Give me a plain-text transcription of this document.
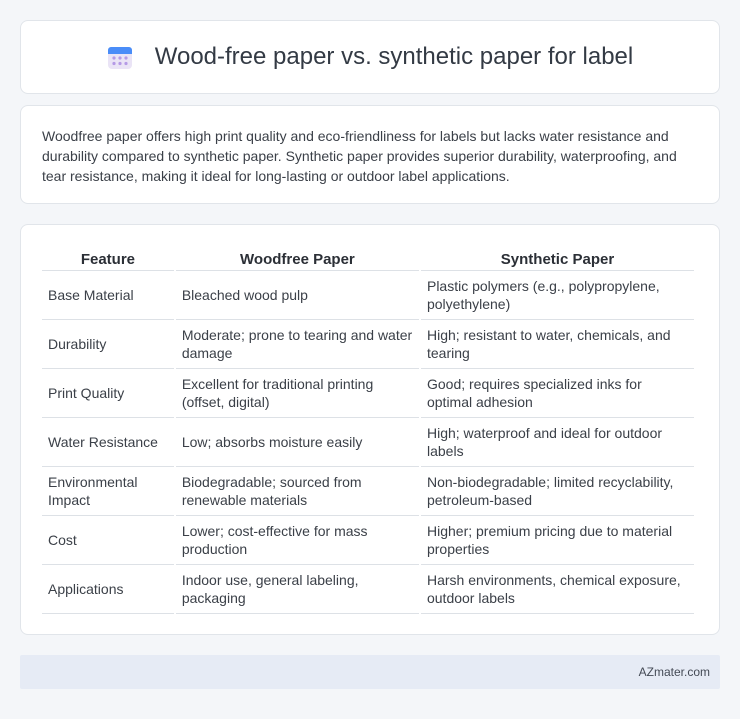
Wood-free paper vs. synthetic paper for label

Woodfree paper offers high print quality and eco-friendliness for labels but lacks water resistance and durability compared to synthetic paper. Synthetic paper provides superior durability, waterproofing, and tear resistance, making it ideal for long-lasting or outdoor label applications.

Feature	Woodfree Paper	Synthetic Paper
Base Material	Bleached wood pulp	Plastic polymers (e.g., polypropylene, polyethylene)
Durability	Moderate; prone to tearing and water damage	High; resistant to water, chemicals, and tearing
Print Quality	Excellent for traditional printing (offset, digital)	Good; requires specialized inks for optimal adhesion
Water Resistance	Low; absorbs moisture easily	High; waterproof and ideal for outdoor labels
Environmental Impact	Biodegradable; sourced from renewable materials	Non-biodegradable; limited recyclability, petroleum-based
Cost	Lower; cost-effective for mass production	Higher; premium pricing due to material properties
Applications	Indoor use, general labeling, packaging	Harsh environments, chemical exposure, outdoor labels
AZmater.com
